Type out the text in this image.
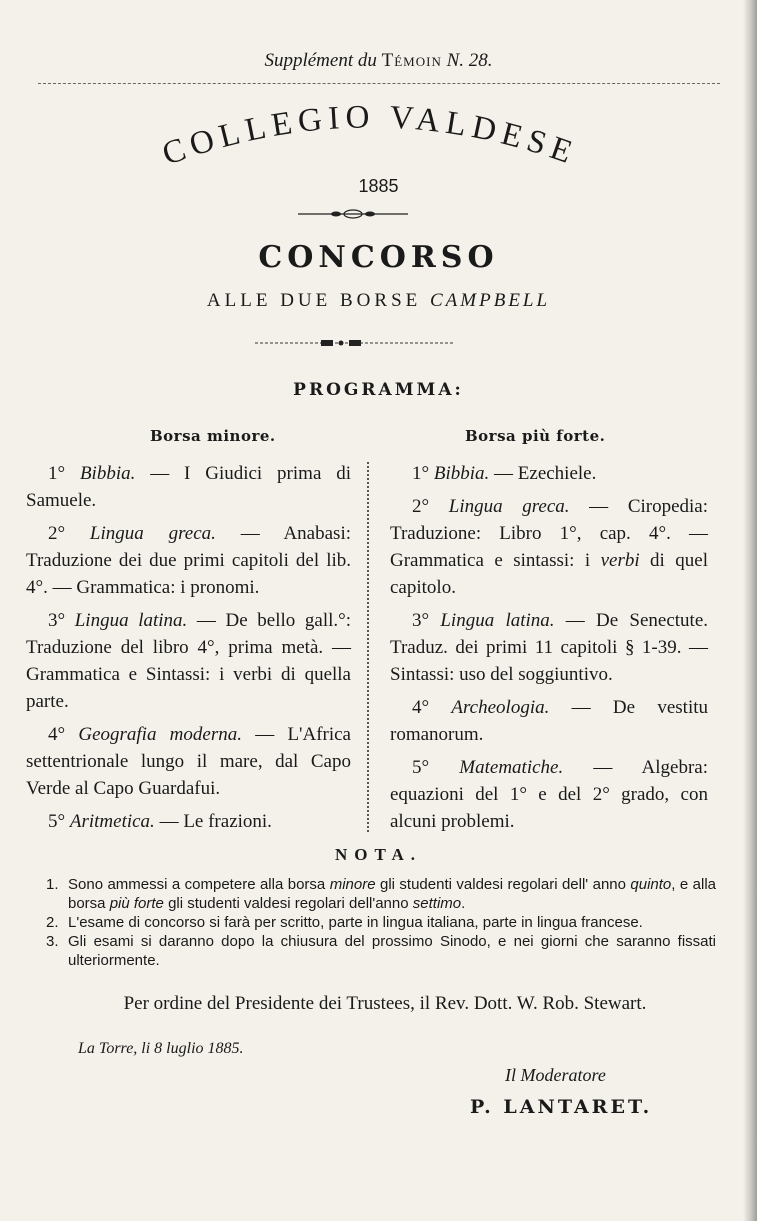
Supplément du Témoin N. 28.
COLLEGIO VALDESE
1885
CONCORSO
ALLE DUE BORSE CAMPBELL
PROGRAMMA:
Borsa minore.	Borsa più forte.

1° Bibbia. — I Giudici prima di Samuele.

2° Lingua greca. — Anabasi: Traduzione dei due primi capitoli del lib. 4°. — Grammatica: i pronomi.

3° Lingua latina. — De bello gall.°: Traduzione del libro 4°, prima metà. — Grammatica e Sintassi: i verbi di quella parte.

4° Geografia moderna. — L'Africa settentrionale lungo il mare, dal Capo Verde al Capo Guardafui.

5° Aritmetica. — Le frazioni.

1° Bibbia. — Ezechiele.

2° Lingua greca. — Ciropedia: Traduzione: Libro 1°, cap. 4°. — Grammatica e sintassi: i verbi di quel capitolo.

3° Lingua latina. — De Senectute. Traduz. dei primi 11 capitoli § 1-39. — Sintassi: uso del soggiuntivo.

4° Archeologia. — De vestitu romanorum.

5° Matematiche. — Algebra: equazioni del 1° e del 2° grado, con alcuni problemi.

NOTA.
1. Sono ammessi a competere alla borsa minore gli studenti valdesi regolari dell' anno quinto, e alla borsa più forte gli studenti valdesi regolari dell'anno settimo.
2. L'esame di concorso si farà per scritto, parte in lingua italiana, parte in lingua francese.
3. Gli esami si daranno dopo la chiusura del prossimo Sinodo, e nei giorni che saranno fissati ulteriormente.
Per ordine del Presidente dei Trustees, il Rev. Dott. W. Rob. Stewart.
La Torre, li 8 luglio 1885.
Il Moderatore
P. LANTARET.
